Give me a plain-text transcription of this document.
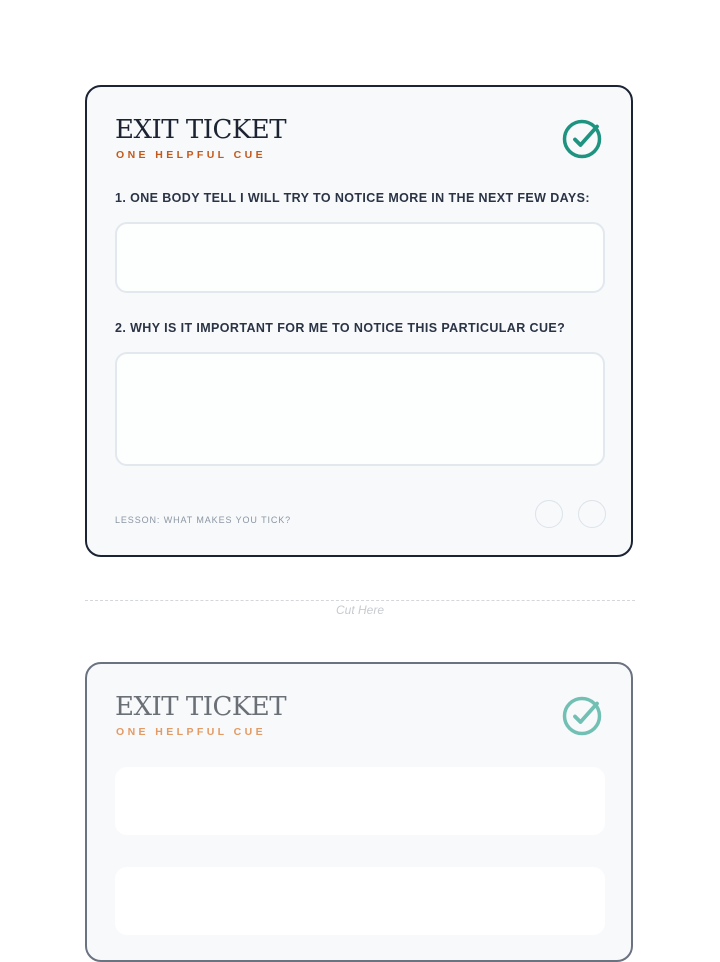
EXIT TICKET
ONE HELPFUL CUE
1. ONE BODY TELL I WILL TRY TO NOTICE MORE IN THE NEXT FEW DAYS:
2. WHY IS IT IMPORTANT FOR ME TO NOTICE THIS PARTICULAR CUE?
LESSON: WHAT MAKES YOU TICK?
Cut Here
EXIT TICKET
ONE HELPFUL CUE
